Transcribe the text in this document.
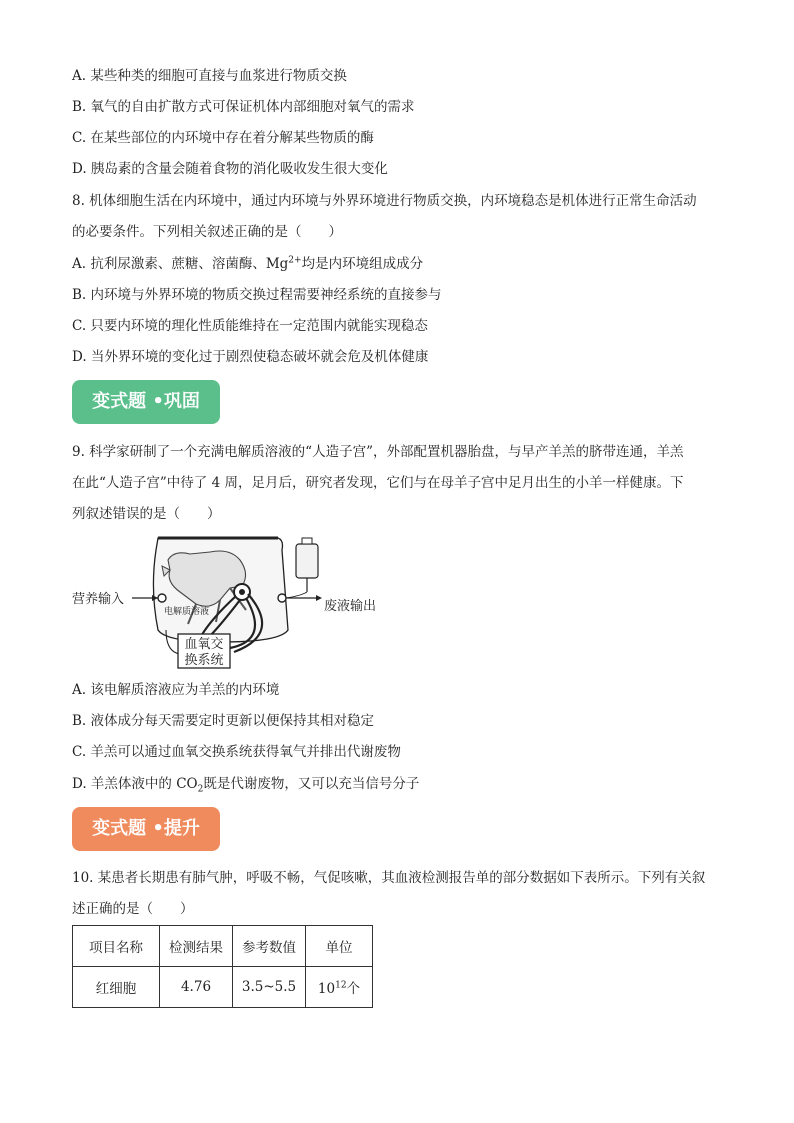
A. 某些种类的细胞可直接与血浆进行物质交换
B. 氧气的自由扩散方式可保证机体内部细胞对氧气的需求
C. 在某些部位的内环境中存在着分解某些物质的酶
D. 胰岛素的含量会随着食物的消化吸收发生很大变化
8. 机体细胞生活在内环境中，通过内环境与外界环境进行物质交换，内环境稳态是机体进行正常生命活动
的必要条件。下列相关叙述正确的是（　　）
A. 抗利尿激素、蔗糖、溶菌酶、$Mg^{2+}$均是内环境组成成分
B. 内环境与外界环境的物质交换过程需要神经系统的直接参与
C. 只要内环境的理化性质能维持在一定范围内就能实现稳态
D. 当外界环境的变化过于剧烈使稳态破坏就会危及机体健康
变式题 •巩固
9. 科学家研制了一个充满电解质溶液的“人造子宫”，外部配置机器胎盘，与早产羊羔的脐带连通，羊羔
在此“人造子宫”中待了 4 周，足月后，研究者发现，它们与在母羊子宫中足月出生的小羊一样健康。下
列叙述错误的是（　　）
血氧交
换系统
营养输入
电解质溶液	废液输出
A. 该电解质溶液应为羊羔的内环境
B. 液体成分每天需要定时更新以便保持其相对稳定
C. 羊羔可以通过血氧交换系统获得氧气并排出代谢废物
D. 羊羔体液中的 $CO_2$既是代谢废物，又可以充当信号分子
变式题 •提升
10. 某患者长期患有肺气肿，呼吸不畅，气促咳嗽，其血液检测报告单的部分数据如下表所示。下列有关叙
述正确的是（　　）
项目名称	检测结果	参考数值	单位
红细胞	4.76	3.5~5.5	$10^{12}$个
